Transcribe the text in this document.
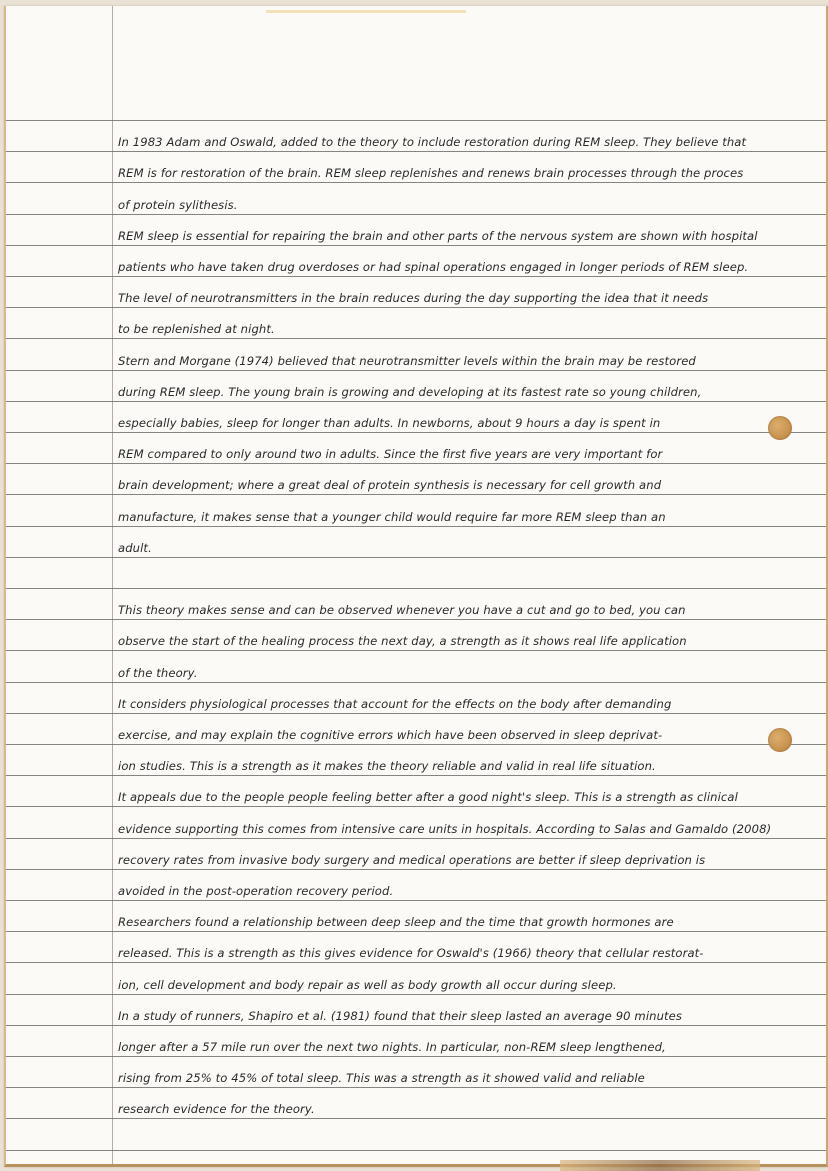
In 1983 Adam and Oswald, added to the theory to include restoration during REM sleep. They believe that
REM is for restoration of the brain. REM sleep replenishes and renews brain processes through the proces
of protein sylithesis.
REM sleep is essential for repairing the brain and other parts of the nervous system are shown with hospital
patients who have taken drug overdoses or had spinal operations engaged in longer periods of REM sleep.
The level of neurotransmitters in the brain reduces during the day supporting the idea that it needs
to be replenished at night.
Stern and Morgane (1974) believed that neurotransmitter levels within the brain may be restored
during REM sleep. The young brain is growing and developing at its fastest rate so young children,
especially babies, sleep for longer than adults. In newborns, about 9 hours a day is spent in
REM compared to only around two in adults. Since the first five years are very important for
brain development; where a great deal of protein synthesis is necessary for cell growth and
manufacture, it makes sense that a younger child would require far more REM sleep than an
adult.
This theory makes sense and can be observed whenever you have a cut and go to bed, you can
observe the start of the healing process the next day, a strength as it shows real life application
of the theory.
It considers physiological processes that account for the effects on the body after demanding
exercise, and may explain the cognitive errors which have been observed in sleep deprivat-
ion studies. This is a strength as it makes the theory reliable and valid in real life situation.
It appeals due to the people people feeling better after a good night's sleep. This is a strength as clinical
evidence supporting this comes from intensive care units in hospitals. According to Salas and Gamaldo (2008)
recovery rates from invasive body surgery and medical operations are better if sleep deprivation is
avoided in the post-operation recovery period.
Researchers found a relationship between deep sleep and the time that growth hormones are
released. This is a strength as this gives evidence for Oswald's (1966) theory that cellular restorat-
ion, cell development and body repair as well as body growth all occur during sleep.
In a study of runners, Shapiro et al. (1981) found that their sleep lasted an average 90 minutes
longer after a 57 mile run over the next two nights. In particular, non-REM sleep lengthened,
rising from 25% to 45% of total sleep. This was a strength as it showed valid and reliable
research evidence for the theory.
